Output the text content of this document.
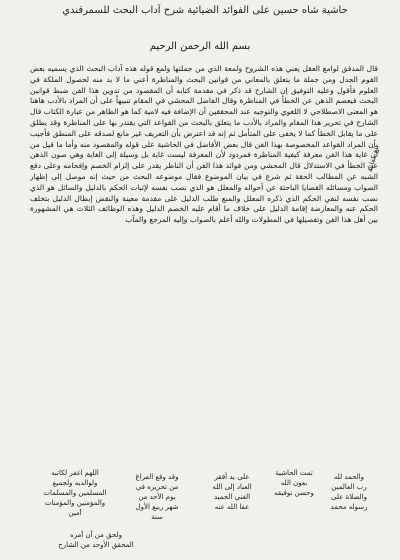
حاشية شاه حسين على الفوائد الضيائية شرح آداب البحث للسمرقندي
بسم الله الرحمن الرحيم
قال المدقق لوامع العقل يعني هذه الشروح ولمعة الذي من جملتها ولمع قوله هذه آداب البحث الذي يسميه بعض القوم الجدل ومن جملة ما يتعلق بالمعاني من قوانين البحث والمناظرة أعني ما لا بد منه لحصول الملكة في العلوم فأقول وعليه التوفيق إن الشارح قد ذكر في مقدمة كتابه أن المقصود من تدوين هذا الفن ضبط قوانين البحث فيعصم الذهن عن الخطأ في المناظرة وقال الفاضل المحشي في المقام تنبيهاً على أن المراد بالأدب هاهنا هو المعنى الاصطلاحي لا اللغوي والتوجيه عند المحققين أن الإضافة فيه لامية كما هو الظاهر من عبارة الكتاب قال الشارح في تحرير هذا المقام والمراد بالأدب ما يتعلق بالبحث من القواعد التي يقتدر بها على المناظرة وقد يطلق على ما يقابل الخطأ كما لا يخفى على المتأمل ثم إنه قد اعترض بأن التعريف غير مانع لصدقه على المنطق فأجيب بأن المراد القواعد المخصوصة بهذا الفن قال بعض الأفاضل في الحاشية على قوله والمقصود منه وأما ما قيل من أن غاية هذا الفن معرفة كيفية المناظرة فمردود لأن المعرفة ليست غاية بل وسيلة إلى الغاية وهي صون الذهن عن الخطأ في الاستدلال قال المحشي ومن فوائد هذا الفن أن الناظر يقدر على إلزام الخصم وإفحامه وعلى دفع الشبه عن المطالب الحقة ثم شرع في بيان الموضوع فقال موضوعه البحث من حيث إنه موصل إلى إظهار الصواب ومسائله القضايا الباحثة عن أحواله والمعلل هو الذي نصب نفسه لإثبات الحكم بالدليل والسائل هو الذي نصب نفسه لنفي الحكم الذي ذكره المعلل والمنع طلب الدليل على مقدمة معينة والنقض إبطال الدليل بتخلف الحكم عنه والمعارضة إقامة الدليل على خلاف ما أقام عليه الخصم الدليل وهذه الوظائف الثلاث هي المشهورة بين أهل هذا الفن وتفصيلها في المطولات والله أعلم بالصواب وإليه المرجع والمآب
بلغ مقابلة
اللهم اغفر لكاتبه
ولوالديه ولجميع
المسلمين والمسلمات
والمؤمنين والمؤمنات
آمين
وقد وقع الفراغ
من تحريره في
يوم الأحد من
شهر ربيع الأول
سنة
على يد أفقر
العباد إلى الله
الغني الحميد
عفا الله عنه
تمت الحاشية
بعون الله
وحسن توفيقه
والحمد لله
رب العالمين
والصلاة على
رسوله محمد
ولحق من آن آمره
المحقق الأوحد من الشارح
